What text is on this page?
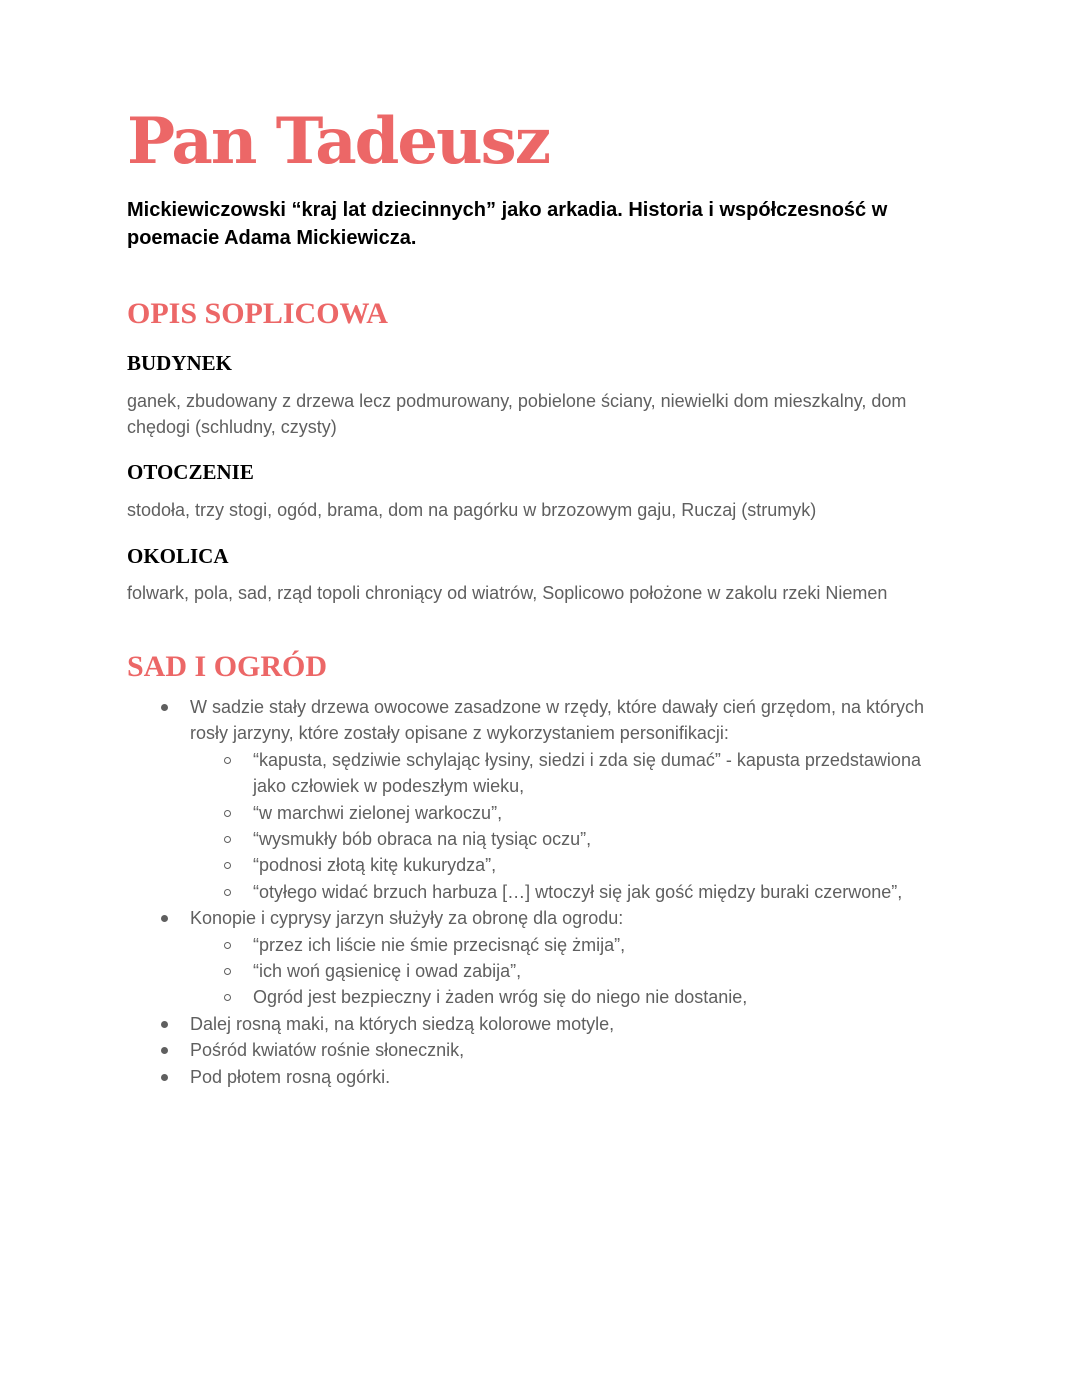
Pan Tadeusz

Mickiewiczowski “kraj lat dziecinnych” jako arkadia. Historia i współczesność w poemacie Adama Mickiewicza.

OPIS SOPLICOWA
BUDYNEK

ganek, zbudowany z drzewa lecz podmurowany, pobielone ściany, niewielki dom mieszkalny, dom chędogi (schludny, czysty)

OTOCZENIE

stodoła, trzy stogi, ogód, brama, dom na pagórku w brzozowym gaju, Ruczaj (strumyk)

OKOLICA

folwark, pola, sad, rząd topoli chroniący od wiatrów, Soplicowo położone w zakolu rzeki Niemen

SAD I OGRÓD
W sadzie stały drzewa owocowe zasadzone w rzędy, które dawały cień grzędom, na których rosły jarzyny, które zostały opisane z wykorzystaniem personifikacji:
“kapusta, sędziwie schylając łysiny, siedzi i zda się dumać” - kapusta przedstawiona jako człowiek w podeszłym wieku,
“w marchwi zielonej warkoczu”,
“wysmukły bób obraca na nią tysiąc oczu”,
“podnosi złotą kitę kukurydza”,
“otyłego widać brzuch harbuza […] wtoczył się jak gość między buraki czerwone”,
Konopie i cyprysy jarzyn służyły za obronę dla ogrodu:
“przez ich liście nie śmie przecisnąć się żmija”,
“ich woń gąsienicę i owad zabija”,
Ogród jest bezpieczny i żaden wróg się do niego nie dostanie,
Dalej rosną maki, na których siedzą kolorowe motyle,
Pośród kwiatów rośnie słonecznik,
Pod płotem rosną ogórki.
